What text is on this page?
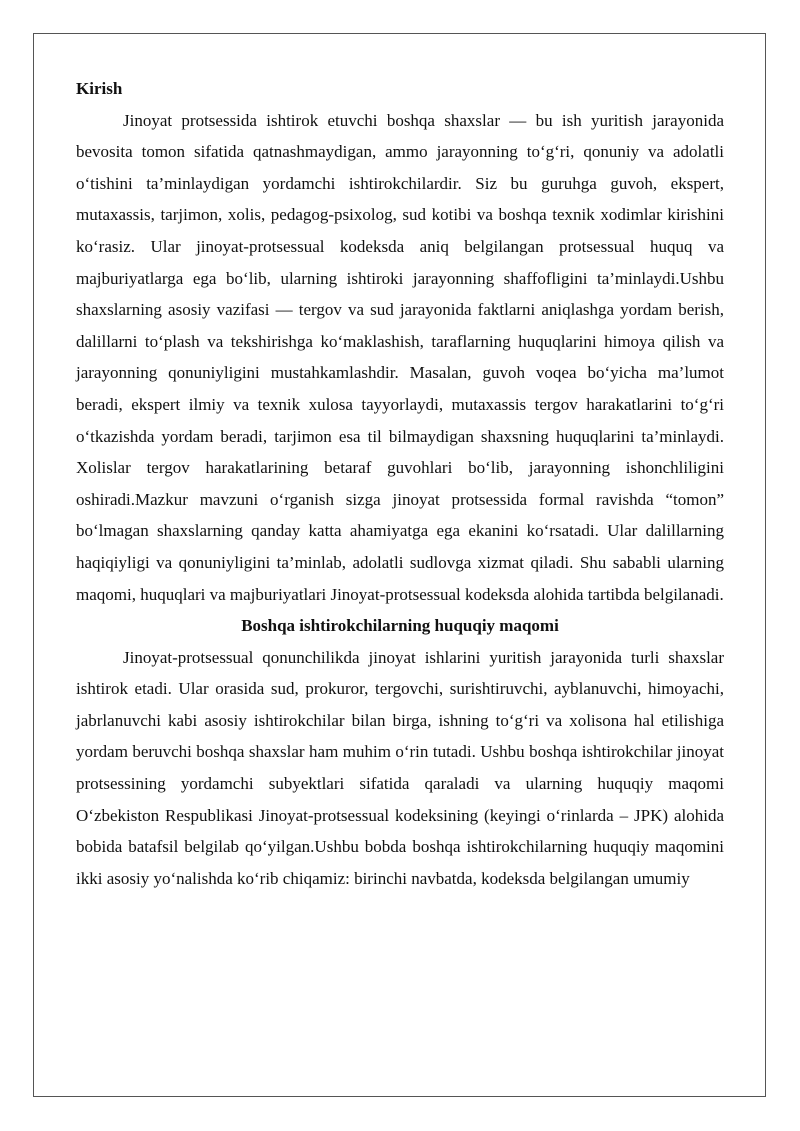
Kirish

Jinoyat protsessida ishtirok etuvchi boshqa shaxslar — bu ish yuritish jarayonida bevosita tomon sifatida qatnashmaydigan, ammo jarayonning to‘g‘ri, qonuniy va adolatli o‘tishini ta’minlaydigan yordamchi ishtirokchilardir. Siz bu guruhga guvoh, ekspert, mutaxassis, tarjimon, xolis, pedagog-psixolog, sud kotibi va boshqa texnik xodimlar kirishini ko‘rasiz. Ular jinoyat-protsessual kodeksda aniq belgilangan protsessual huquq va majburiyatlarga ega bo‘lib, ularning ishtiroki jarayonning shaffofligini ta’minlaydi.Ushbu shaxslarning asosiy vazifasi — tergov va sud jarayonida faktlarni aniqlashga yordam berish, dalillarni to‘plash va tekshirishga ko‘maklashish, taraflarning huquqlarini himoya qilish va jarayonning qonuniyligini mustahkamlashdir. Masalan, guvoh voqea bo‘yicha ma’lumot beradi, ekspert ilmiy va texnik xulosa tayyorlaydi, mutaxassis tergov harakatlarini to‘g‘ri o‘tkazishda yordam beradi, tarjimon esa til bilmaydigan shaxsning huquqlarini ta’minlaydi. Xolislar tergov harakatlarining betaraf guvohlari bo‘lib, jarayonning ishonchliligini oshiradi.Mazkur mavzuni o‘rganish sizga jinoyat protsessida formal ravishda “tomon” bo‘lmagan shaxslarning qanday katta ahamiyatga ega ekanini ko‘rsatadi. Ular dalillarning haqiqiyligi va qonuniyligini ta’minlab, adolatli sudlovga xizmat qiladi. Shu sababli ularning maqomi, huquqlari va majburiyatlari Jinoyat-protsessual kodeksda alohida tartibda belgilanadi.

Boshqa ishtirokchilarning huquqiy maqomi

Jinoyat-protsessual qonunchilikda jinoyat ishlarini yuritish jarayonida turli shaxslar ishtirok etadi. Ular orasida sud, prokuror, tergovchi, surishtiruvchi, ayblanuvchi, himoyachi, jabrlanuvchi kabi asosiy ishtirokchilar bilan birga, ishning to‘g‘ri va xolisona hal etilishiga yordam beruvchi boshqa shaxslar ham muhim o‘rin tutadi. Ushbu boshqa ishtirokchilar jinoyat protsessining yordamchi subyektlari sifatida qaraladi va ularning huquqiy maqomi O‘zbekiston Respublikasi Jinoyat-protsessual kodeksining (keyingi o‘rinlarda – JPK) alohida bobida batafsil belgilab qo‘yilgan.Ushbu bobda boshqa ishtirokchilarning huquqiy maqomini ikki asosiy yo‘nalishda ko‘rib chiqamiz: birinchi navbatda, kodeksda belgilangan umumiy
